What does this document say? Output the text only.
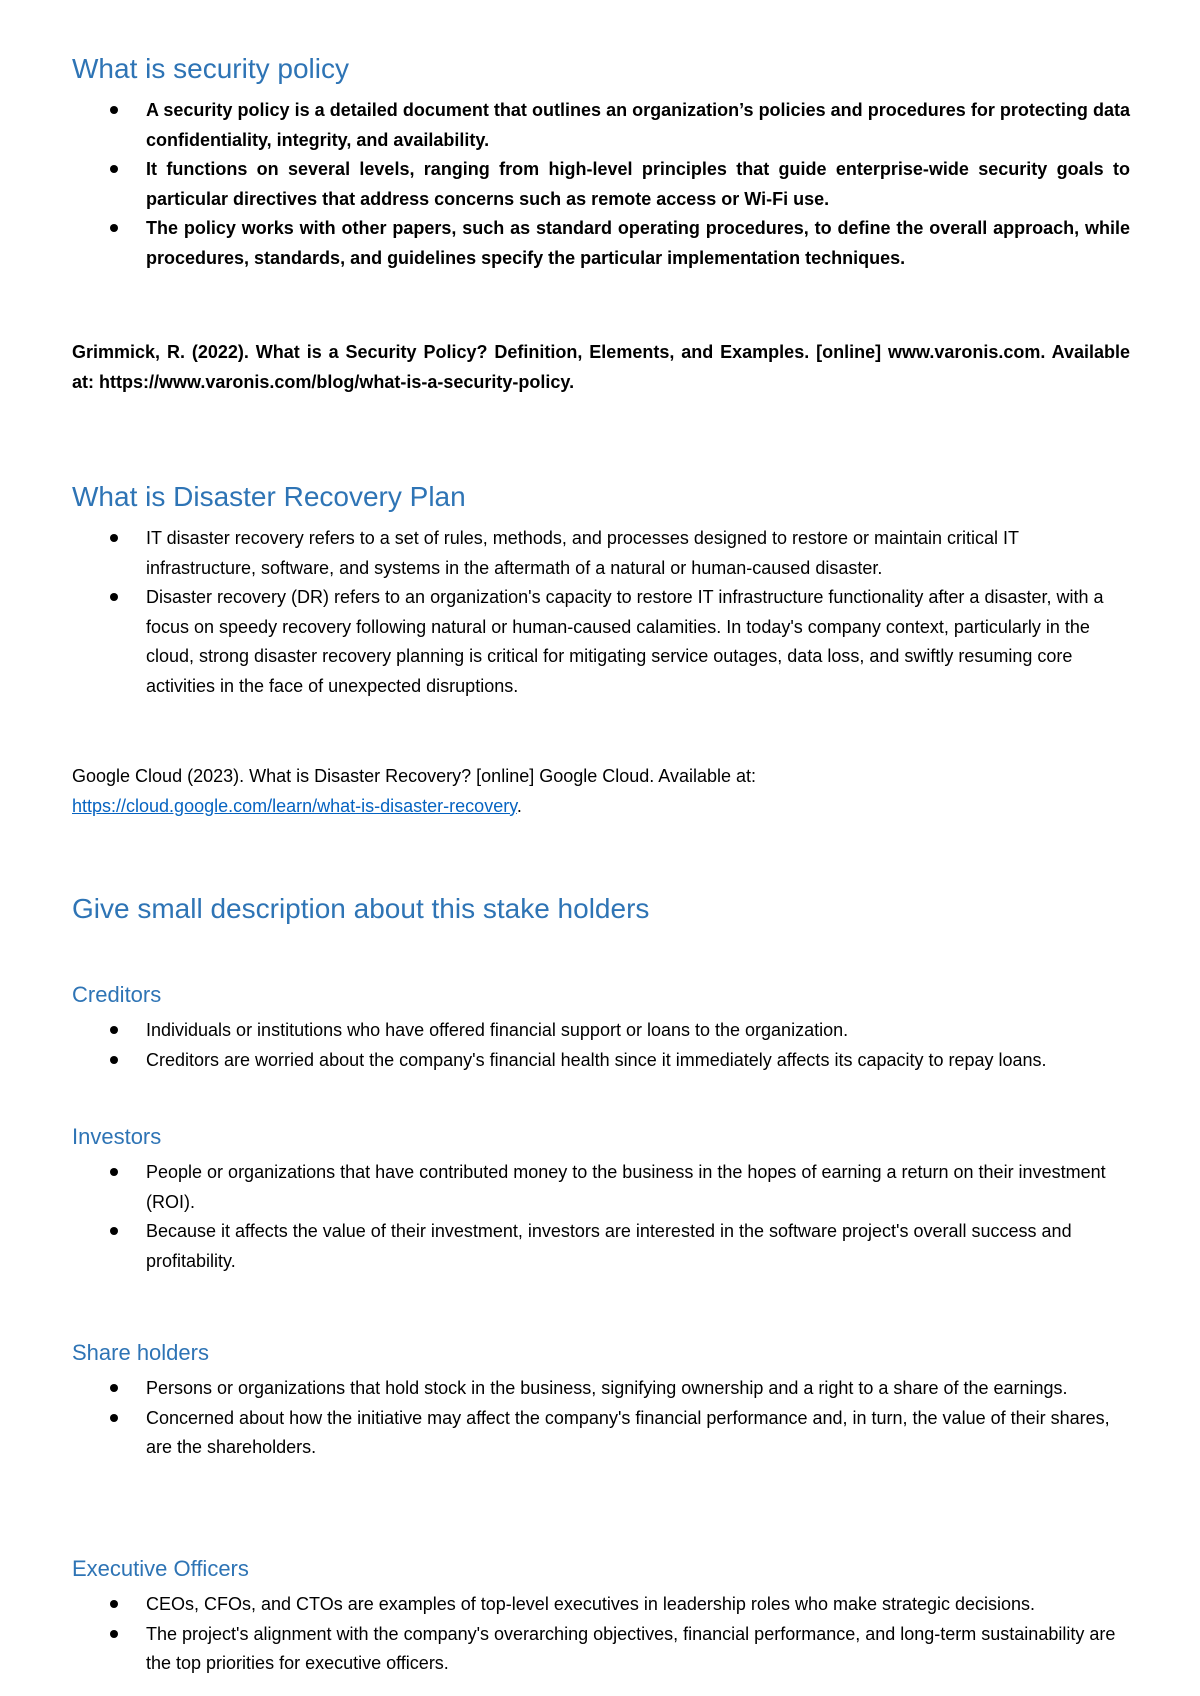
What is security policy
A security policy is a detailed document that outlines an organization’s policies and procedures for protecting data confidentiality, integrity, and availability.
It functions on several levels, ranging from high-level principles that guide enterprise-wide security goals to particular directives that address concerns such as remote access or Wi-Fi use.
The policy works with other papers, such as standard operating procedures, to define the overall approach, while procedures, standards, and guidelines specify the particular implementation techniques.

Grimmick, R. (2022). What is a Security Policy? Definition, Elements, and Examples. [online] www.varonis.com. Available at: https://www.varonis.com/blog/what-is-a-security-policy.

What is Disaster Recovery Plan
IT disaster recovery refers to a set of rules, methods, and processes designed to restore or maintain critical IT infrastructure, software, and systems in the aftermath of a natural or human-caused disaster.
Disaster recovery (DR) refers to an organization's capacity to restore IT infrastructure functionality after a disaster, with a focus on speedy recovery following natural or human-caused calamities. In today's company context, particularly in the cloud, strong disaster recovery planning is critical for mitigating service outages, data loss, and swiftly resuming core activities in the face of unexpected disruptions.

Google Cloud (2023). What is Disaster Recovery? [online] Google Cloud. Available at:
https://cloud.google.com/learn/what-is-disaster-recovery.

Give small description about this stake holders
Creditors
Individuals or institutions who have offered financial support or loans to the organization.
Creditors are worried about the company's financial health since it immediately affects its capacity to repay loans.
Investors
People or organizations that have contributed money to the business in the hopes of earning a return on their investment (ROI).
Because it affects the value of their investment, investors are interested in the software project's overall success and profitability.
Share holders
Persons or organizations that hold stock in the business, signifying ownership and a right to a share of the earnings.
Concerned about how the initiative may affect the company's financial performance and, in turn, the value of their shares, are the shareholders.
Executive Officers
CEOs, CFOs, and CTOs are examples of top-level executives in leadership roles who make strategic decisions.
The project's alignment with the company's overarching objectives, financial performance, and long-term sustainability are the top priorities for executive officers.
